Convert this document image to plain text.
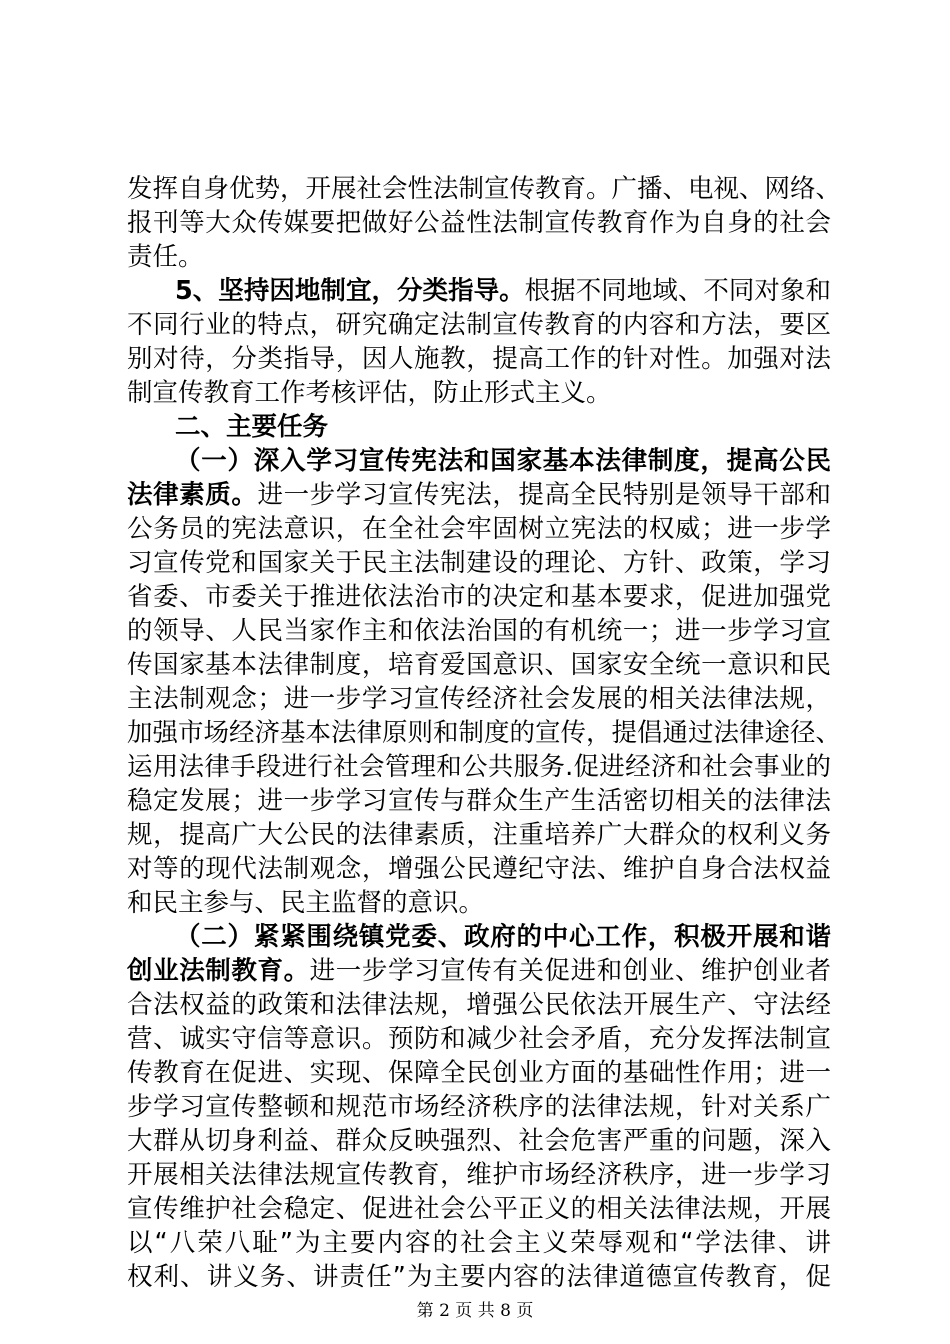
发挥自身优势，开展社会性法制宣传教育。广播、电视、网络、
报刊等大众传媒要把做好公益性法制宣传教育作为自身的社会
责任。
5、坚持因地制宜，分类指导。根据不同地域、不同对象和
不同行业的特点，研究确定法制宣传教育的内容和方法，要区
别对待，分类指导，因人施教，提高工作的针对性。加强对法
制宣传教育工作考核评估，防止形式主义。
二、主要任务
（一）深入学习宣传宪法和国家基本法律制度，提高公民
法律素质。进一步学习宣传宪法，提高全民特别是领导干部和
公务员的宪法意识，在全社会牢固树立宪法的权威；进一步学
习宣传党和国家关于民主法制建设的理论、方针、政策，学习
省委、市委关于推进依法治市的决定和基本要求，促进加强党
的领导、人民当家作主和依法治国的有机统一；进一步学习宣
传国家基本法律制度，培育爱国意识、国家安全统一意识和民
主法制观念；进一步学习宣传经济社会发展的相关法律法规，
加强市场经济基本法律原则和制度的宣传，提倡通过法律途径、
运用法律手段进行社会管理和公共服务.促进经济和社会事业的
稳定发展；进一步学习宣传与群众生产生活密切相关的法律法
规，提高广大公民的法律素质，注重培养广大群众的权利义务
对等的现代法制观念，增强公民遵纪守法、维护自身合法权益
和民主参与、民主监督的意识。
（二）紧紧围绕镇党委、政府的中心工作，积极开展和谐
创业法制教育。进一步学习宣传有关促进和创业、维护创业者
合法权益的政策和法律法规，增强公民依法开展生产、守法经
营、诚实守信等意识。预防和减少社会矛盾，充分发挥法制宣
传教育在促进、实现、保障全民创业方面的基础性作用；进一
步学习宣传整顿和规范市场经济秩序的法律法规，针对关系广
大群从切身利益、群众反映强烈、社会危害严重的问题，深入
开展相关法律法规宣传教育，维护市场经济秩序，进一步学习
宣传维护社会稳定、促进社会公平正义的相关法律法规，开展
以“八荣八耻”为主要内容的社会主义荣辱观和“学法律、讲
权利、讲义务、讲责任”为主要内容的法律道德宣传教育，促
第 2 页 共 8 页
